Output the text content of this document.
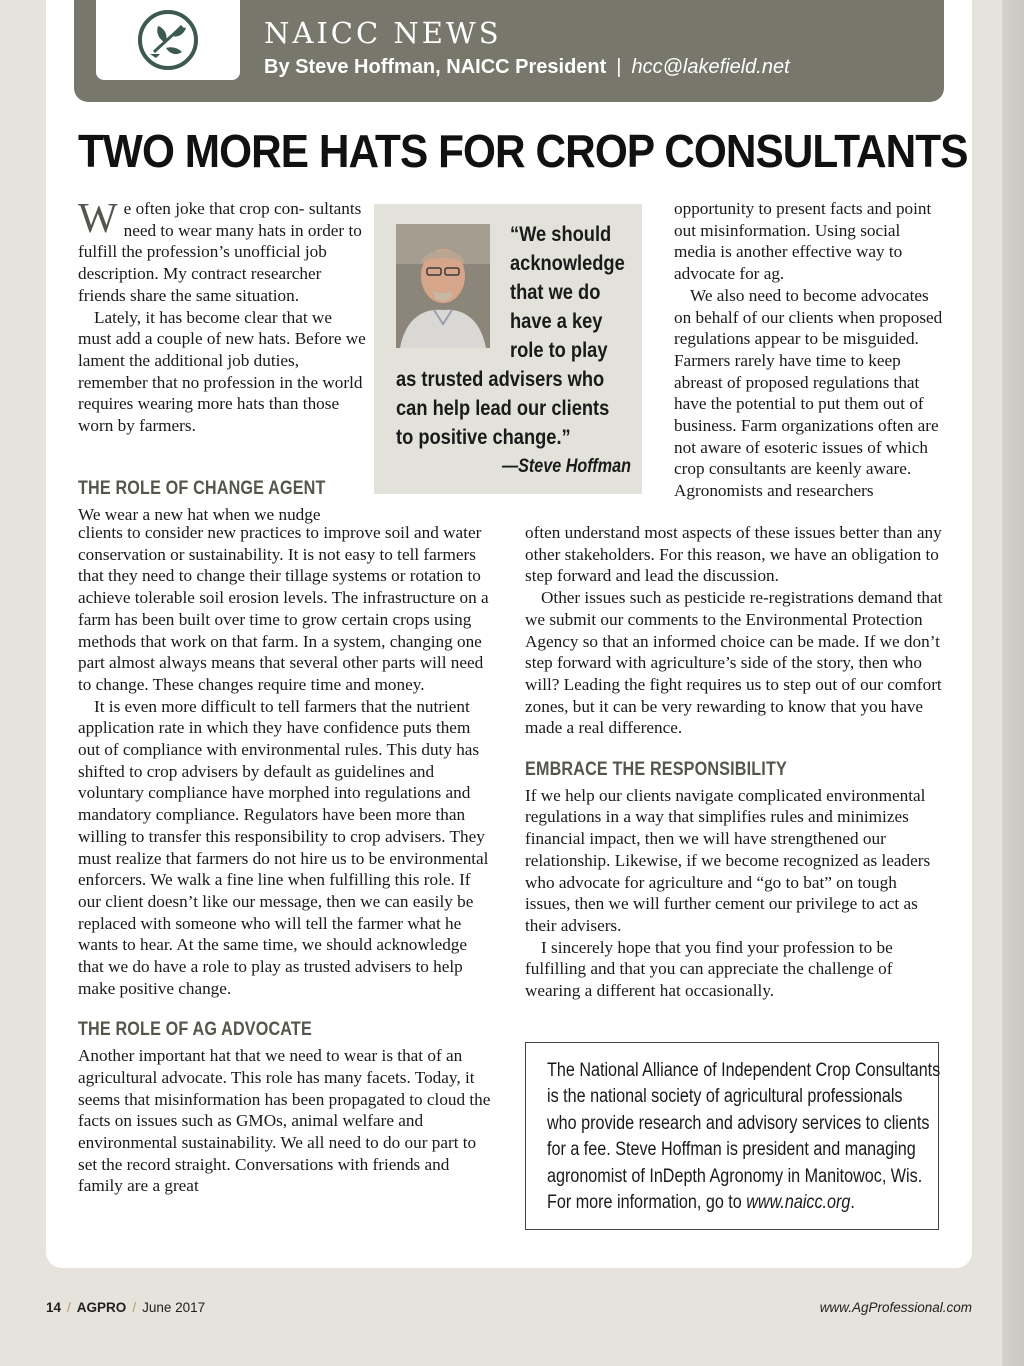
NAICC NEWS
By Steve Hoffman, NAICC President | hcc@lakefield.net
TWO MORE HATS FOR CROP CONSULTANTS

We often joke that crop con- sultants need to wear many hats in order to fulfill the profession’s unofficial job description. My contract researcher friends share the same situation.

Lately, it has become clear that we must add a couple of new hats. Before we lament the additional job duties, remember that no profession in the world requires wearing more hats than those worn by farmers.

THE ROLE OF CHANGE AGENT

We wear a new hat when we nudge

clients to consider new practices to improve soil and water conservation or sustainability. It is not easy to tell farmers that they need to change their tillage systems or rotation to achieve tolerable soil erosion levels. The infrastructure on a farm has been built over time to grow certain crops using methods that work on that farm. In a system, changing one part almost always means that several other parts will need to change. These changes require time and money.

It is even more difficult to tell farmers that the nutrient application rate in which they have confidence puts them out of compliance with environmental rules. This duty has shifted to crop advisers by default as guidelines and voluntary compliance have morphed into regulations and mandatory compliance. Regulators have been more than willing to transfer this responsibility to crop advisers. They must realize that farmers do not hire us to be environmental enforcers. We walk a fine line when fulfilling this role. If our client doesn’t like our message, then we can easily be replaced with someone who will tell the farmer what he wants to hear. At the same time, we should acknowledge that we do have a role to play as trusted advisers to help make positive change.

THE ROLE OF AG ADVOCATE

Another important hat that we need to wear is that of an agricultural advocate. This role has many facets. Today, it seems that misinformation has been propagated to cloud the facts on issues such as GMOs, animal welfare and environmental sustainability. We all need to do our part to set the record straight. Conversations with friends and family are a great

“We should
acknowledge
that we do
have a key
role to play
as trusted advisers who
can help lead our clients
to positive change.”
—Steve Hoffman

opportunity to present facts and point out misinformation. Using social media is another effective way to advocate for ag.

We also need to become advocates on behalf of our clients when proposed regulations appear to be misguided. Farmers rarely have time to keep abreast of proposed regulations that have the potential to put them out of business. Farm organizations often are not aware of esoteric issues of which crop consultants are keenly aware. Agronomists and researchers

often understand most aspects of these issues better than any other stakeholders. For this reason, we have an obligation to step forward and lead the discussion.

Other issues such as pesticide re-registrations demand that we submit our comments to the Environmental Protection Agency so that an informed choice can be made. If we don’t step forward with agriculture’s side of the story, then who will? Leading the fight requires us to step out of our comfort zones, but it can be very rewarding to know that you have made a real difference.

EMBRACE THE RESPONSIBILITY

If we help our clients navigate complicated environmental regulations in a way that simplifies rules and minimizes financial impact, then we will have strengthened our relationship. Likewise, if we become recognized as leaders who advocate for agriculture and “go to bat” on tough issues, then we will further cement our privilege to act as their advisers.

I sincerely hope that you find your profession to be fulfilling and that you can appreciate the challenge of wearing a different hat occasionally.

The National Alliance of Independent Crop Consultants
is the national society of agricultural professionals
who provide research and advisory services to clients
for a fee. Steve Hoffman is president and managing
agronomist of InDepth Agronomy in Manitowoc, Wis.
For more information, go to www.naicc.org.
14 / AGPRO / June 2017	www.AgProfessional.com
